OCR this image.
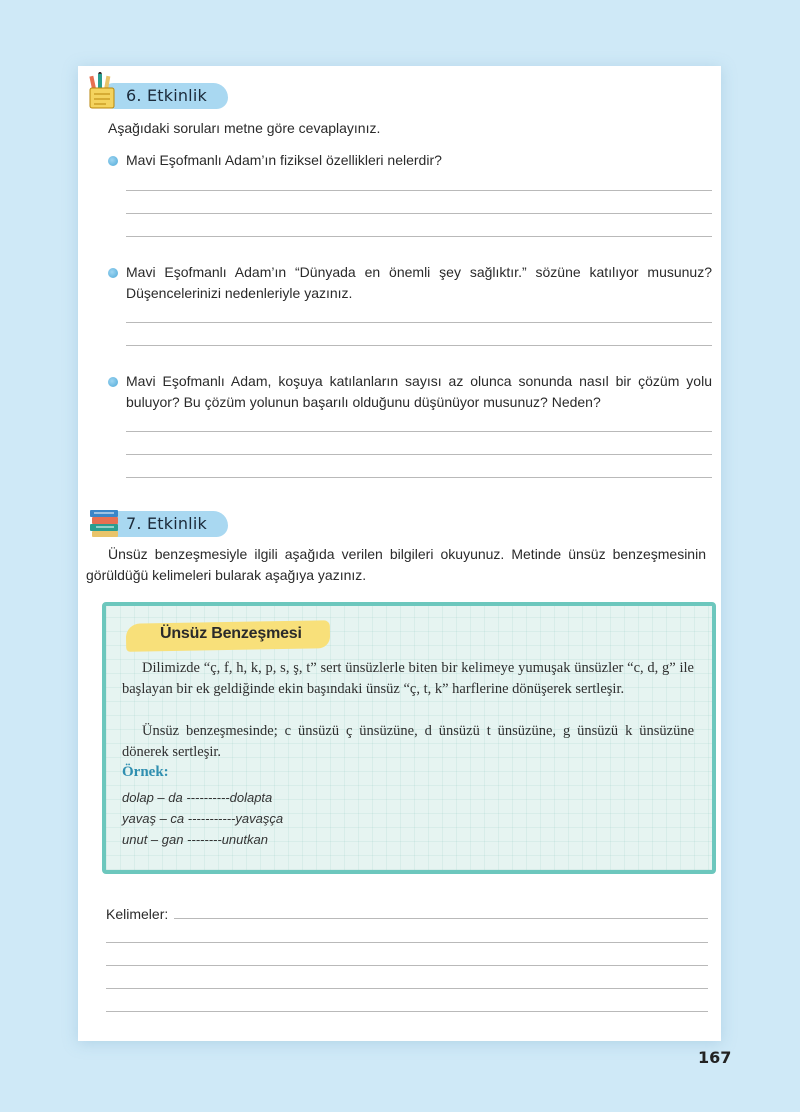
6. Etkinlik
Aşağıdaki soruları metne göre cevaplayınız.
Mavi Eşofmanlı Adam’ın fiziksel özellikleri nelerdir?
Mavi Eşofmanlı Adam’ın “Dünyada en önemli şey sağlıktır.” sözüne katılıyor musunuz? Düşencelerinizi nedenleriyle yazınız.
Mavi Eşofmanlı Adam, koşuya katılanların sayısı az olunca sonunda nasıl bir çözüm yolu buluyor? Bu çözüm yolunun başarılı olduğunu düşünüyor musunuz? Neden?
7. Etkinlik
Ünsüz benzeşmesiyle ilgili aşağıda verilen bilgileri okuyunuz. Metinde ünsüz benzeşmesinin görüldüğü kelimeleri bularak aşağıya yazınız.
Ünsüz Benzeşmesi
Dilimizde “ç, f, h, k, p, s, ş, t” sert ünsüzlerle biten bir kelimeye yumuşak ünsüzler “c, d, g” ile başlayan bir ek geldiğinde ekin başındaki ünsüz “ç, t, k” harflerine dönüşerek sertleşir.
Ünsüz benzeşmesinde; c ünsüzü ç ünsüzüne, d ünsüzü t ünsüzüne, g ünsüzü k ünsüzüne dönerek sertleşir.
Örnek:
dolap – da ----------dolapta
yavaş – ca -----------yavaşça
unut – gan --------unutkan
Kelimeler:
167
